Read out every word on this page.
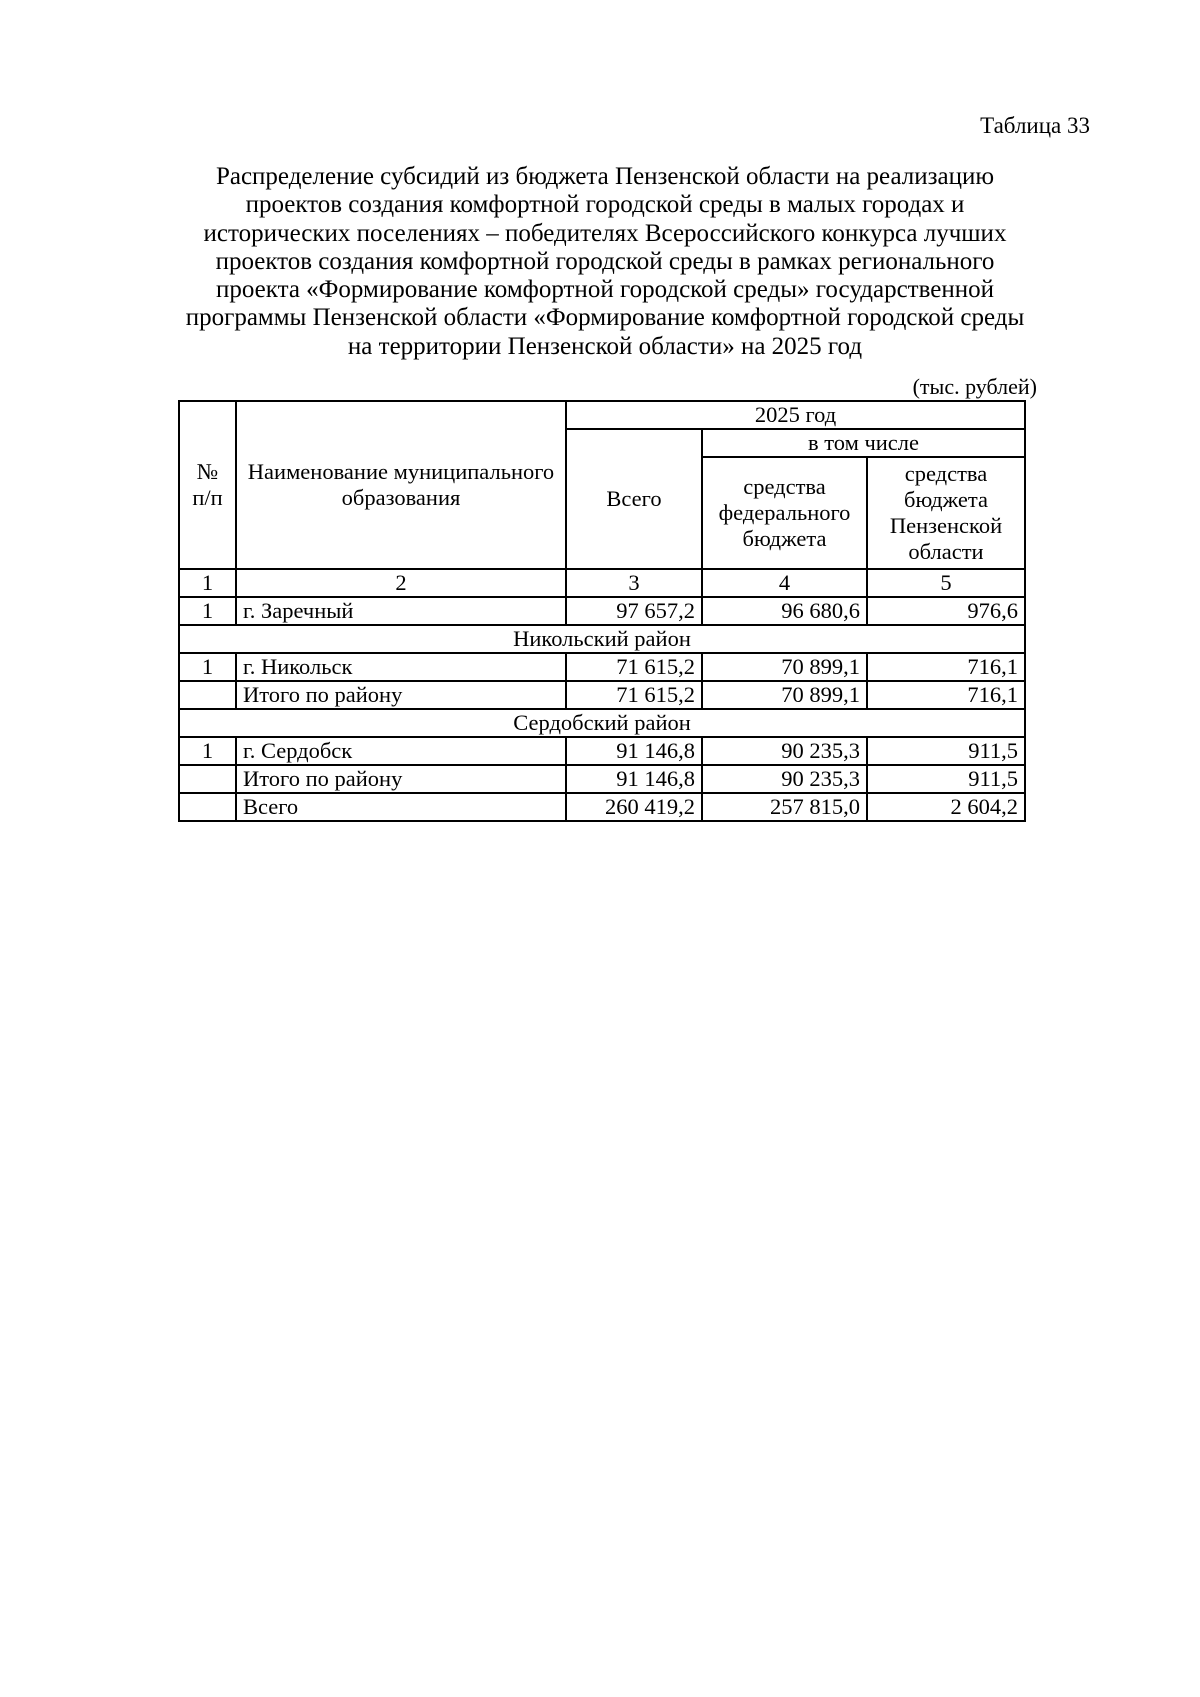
Таблица 33
Распределение субсидий из бюджета Пензенской области на реализацию
проектов создания комфортной городской среды в малых городах и
исторических поселениях – победителях Всероссийского конкурса лучших
проектов создания комфортной городской среды в рамках регионального
проекта «Формирование комфортной городской среды» государственной
программы Пензенской области «Формирование комфортной городской среды
на территории Пензенской области» на 2025 год
(тыс. рублей)
№ п/п	Наименование муниципального образования	2025 год		
		Всего	в том числе	
			средства федерального бюджета	средства бюджета Пензенской области
1	2	3	4	5
1	г. Заречный	97 657,2	96 680,6	976,6
Никольский район				
1	г. Никольск	71 615,2	70 899,1	716,1
	Итого по району	71 615,2	70 899,1	716,1
Сердобский район				
1	г. Сердобск	91 146,8	90 235,3	911,5
	Итого по району	91 146,8	90 235,3	911,5
	Всего	260 419,2	257 815,0	2 604,2
